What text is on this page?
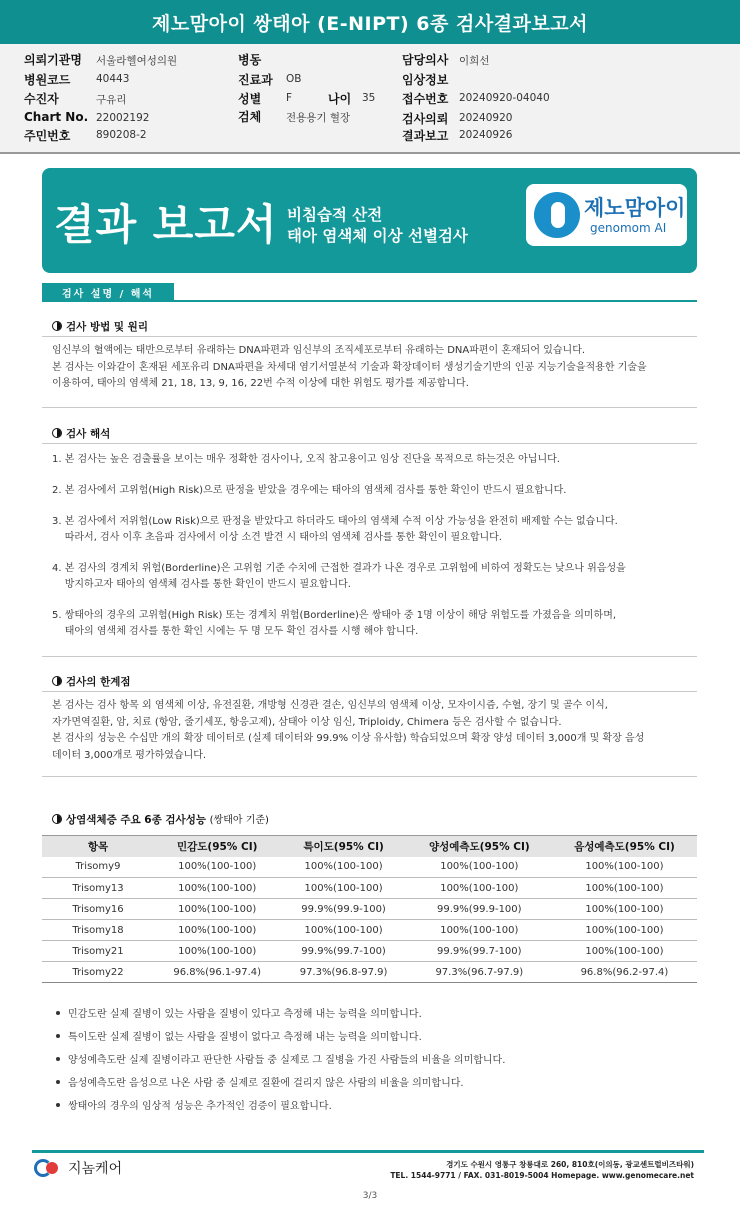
제노맘아이 쌍태아 (E-NIPT) 6종 검사결과보고서
의뢰기관명 서울라헬여성의원
병원코드 40443
수진자	구유리
Chart No. 22002192
주민번호 890208-2
병동
진료과 OB
성별 F	나이 35
검체 전용용기 혈장
담당의사 이희선
임상정보
접수번호 20240920-04040
검사의뢰 20240920
결과보고 20240926
결과 보고서 비침습적 산전
태아 염색체 이상 선별검사
제노맘아이
genomom AI
검사 설명 / 해석
검사 방법 및 원리

임신부의 혈액에는 태반으로부터 유래하는 DNA파편과 임신부의 조직세포로부터 유래하는 DNA파편이 혼재되어 있습니다.

본 검사는 이와같이 혼재된 세포유리 DNA파편을 차세대 염기서열분석 기술과 확장데이터 생성기술기반의 인공 지능기술을적용한 기술을

이용하여, 태아의 염색체 21, 18, 13, 9, 16, 22번 수적 이상에 대한 위험도 평가를 제공합니다.

검사 해석

1. 본 검사는 높은 검출률을 보이는 매우 정확한 검사이나, 오직 참고용이고 임상 진단을 목적으로 하는것은 아닙니다.

2. 본 검사에서 고위험(High Risk)으로 판정을 받았을 경우에는 태아의 염색체 검사를 통한 확인이 반드시 필요합니다.

3. 본 검사에서 저위험(Low Risk)으로 판정을 받았다고 하더라도 태아의 염색체 수적 이상 가능성을 완전히 배제할 수는 없습니다.

따라서, 검사 이후 초음파 검사에서 이상 소견 발견 시 태아의 염색체 검사를 통한 확인이 필요합니다.

4. 본 검사의 경계치 위험(Borderline)은 고위험 기준 수치에 근접한 결과가 나온 경우로 고위험에 비하여 정확도는 낮으나 위음성을

방지하고자 태아의 염색체 검사를 통한 확인이 반드시 필요합니다.

5. 쌍태아의 경우의 고위험(High Risk) 또는 경계치 위험(Borderline)은 쌍태아 중 1명 이상이 해당 위험도를 가졌음을 의미하며,

태아의 염색체 검사를 통한 확인 시에는 두 명 모두 확인 검사를 시행 해야 합니다.

검사의 한계점

본 검사는 검사 항목 외 염색체 이상, 유전질환, 개방형 신경관 결손, 임신부의 염색체 이상, 모자이시즘, 수혈, 장기 및 골수 이식,

자가면역질환, 암, 치료 (항암, 줄기세포, 항응고제), 삼태아 이상 임신, Triploidy, Chimera 등은 검사할 수 없습니다.

본 검사의 성능은 수십만 개의 확장 데이터로 (실제 데이터와 99.9% 이상 유사함) 학습되었으며 확장 양성 데이터 3,000개 및 확장 음성

데이터 3,000개로 평가하였습니다.

상염색체증 주요 6종 검사성능 (쌍태아 기준)
항목	민감도(95% CI)	특이도(95% CI)	양성예측도(95% CI)	음성예측도(95% CI)
Trisomy9	100%(100-100)	100%(100-100)	100%(100-100)	100%(100-100)
Trisomy13	100%(100-100)	100%(100-100)	100%(100-100)	100%(100-100)
Trisomy16	100%(100-100)	99.9%(99.9-100)	99.9%(99.9-100)	100%(100-100)
Trisomy18	100%(100-100)	100%(100-100)	100%(100-100)	100%(100-100)
Trisomy21	100%(100-100)	99.9%(99.7-100)	99.9%(99.7-100)	100%(100-100)
Trisomy22	96.8%(96.1-97.4)	97.3%(96.8-97.9)	97.3%(96.7-97.9)	96.8%(96.2-97.4)
민감도란 실제 질병이 있는 사람을 질병이 있다고 측정해 내는 능력을 의미합니다.
특이도란 실제 질병이 없는 사람을 질병이 없다고 측정해 내는 능력을 의미합니다.
양성예측도란 실제 질병이라고 판단한 사람들 중 실제로 그 질병을 가진 사람들의 비율을 의미합니다.
음성예측도란 음성으로 나온 사람 중 실제로 질환에 걸리지 않은 사람의 비율을 의미합니다.
쌍태아의 경우의 임상적 성능은 추가적인 검증이 필요합니다.
지놈케어	경기도 수원시 영통구 창룡대로 260, 810호(이의동, 광교센트럴비즈타워)
TEL. 1544-9771 / FAX. 031-8019-5004 Homepage. www.genomecare.net
3/3
